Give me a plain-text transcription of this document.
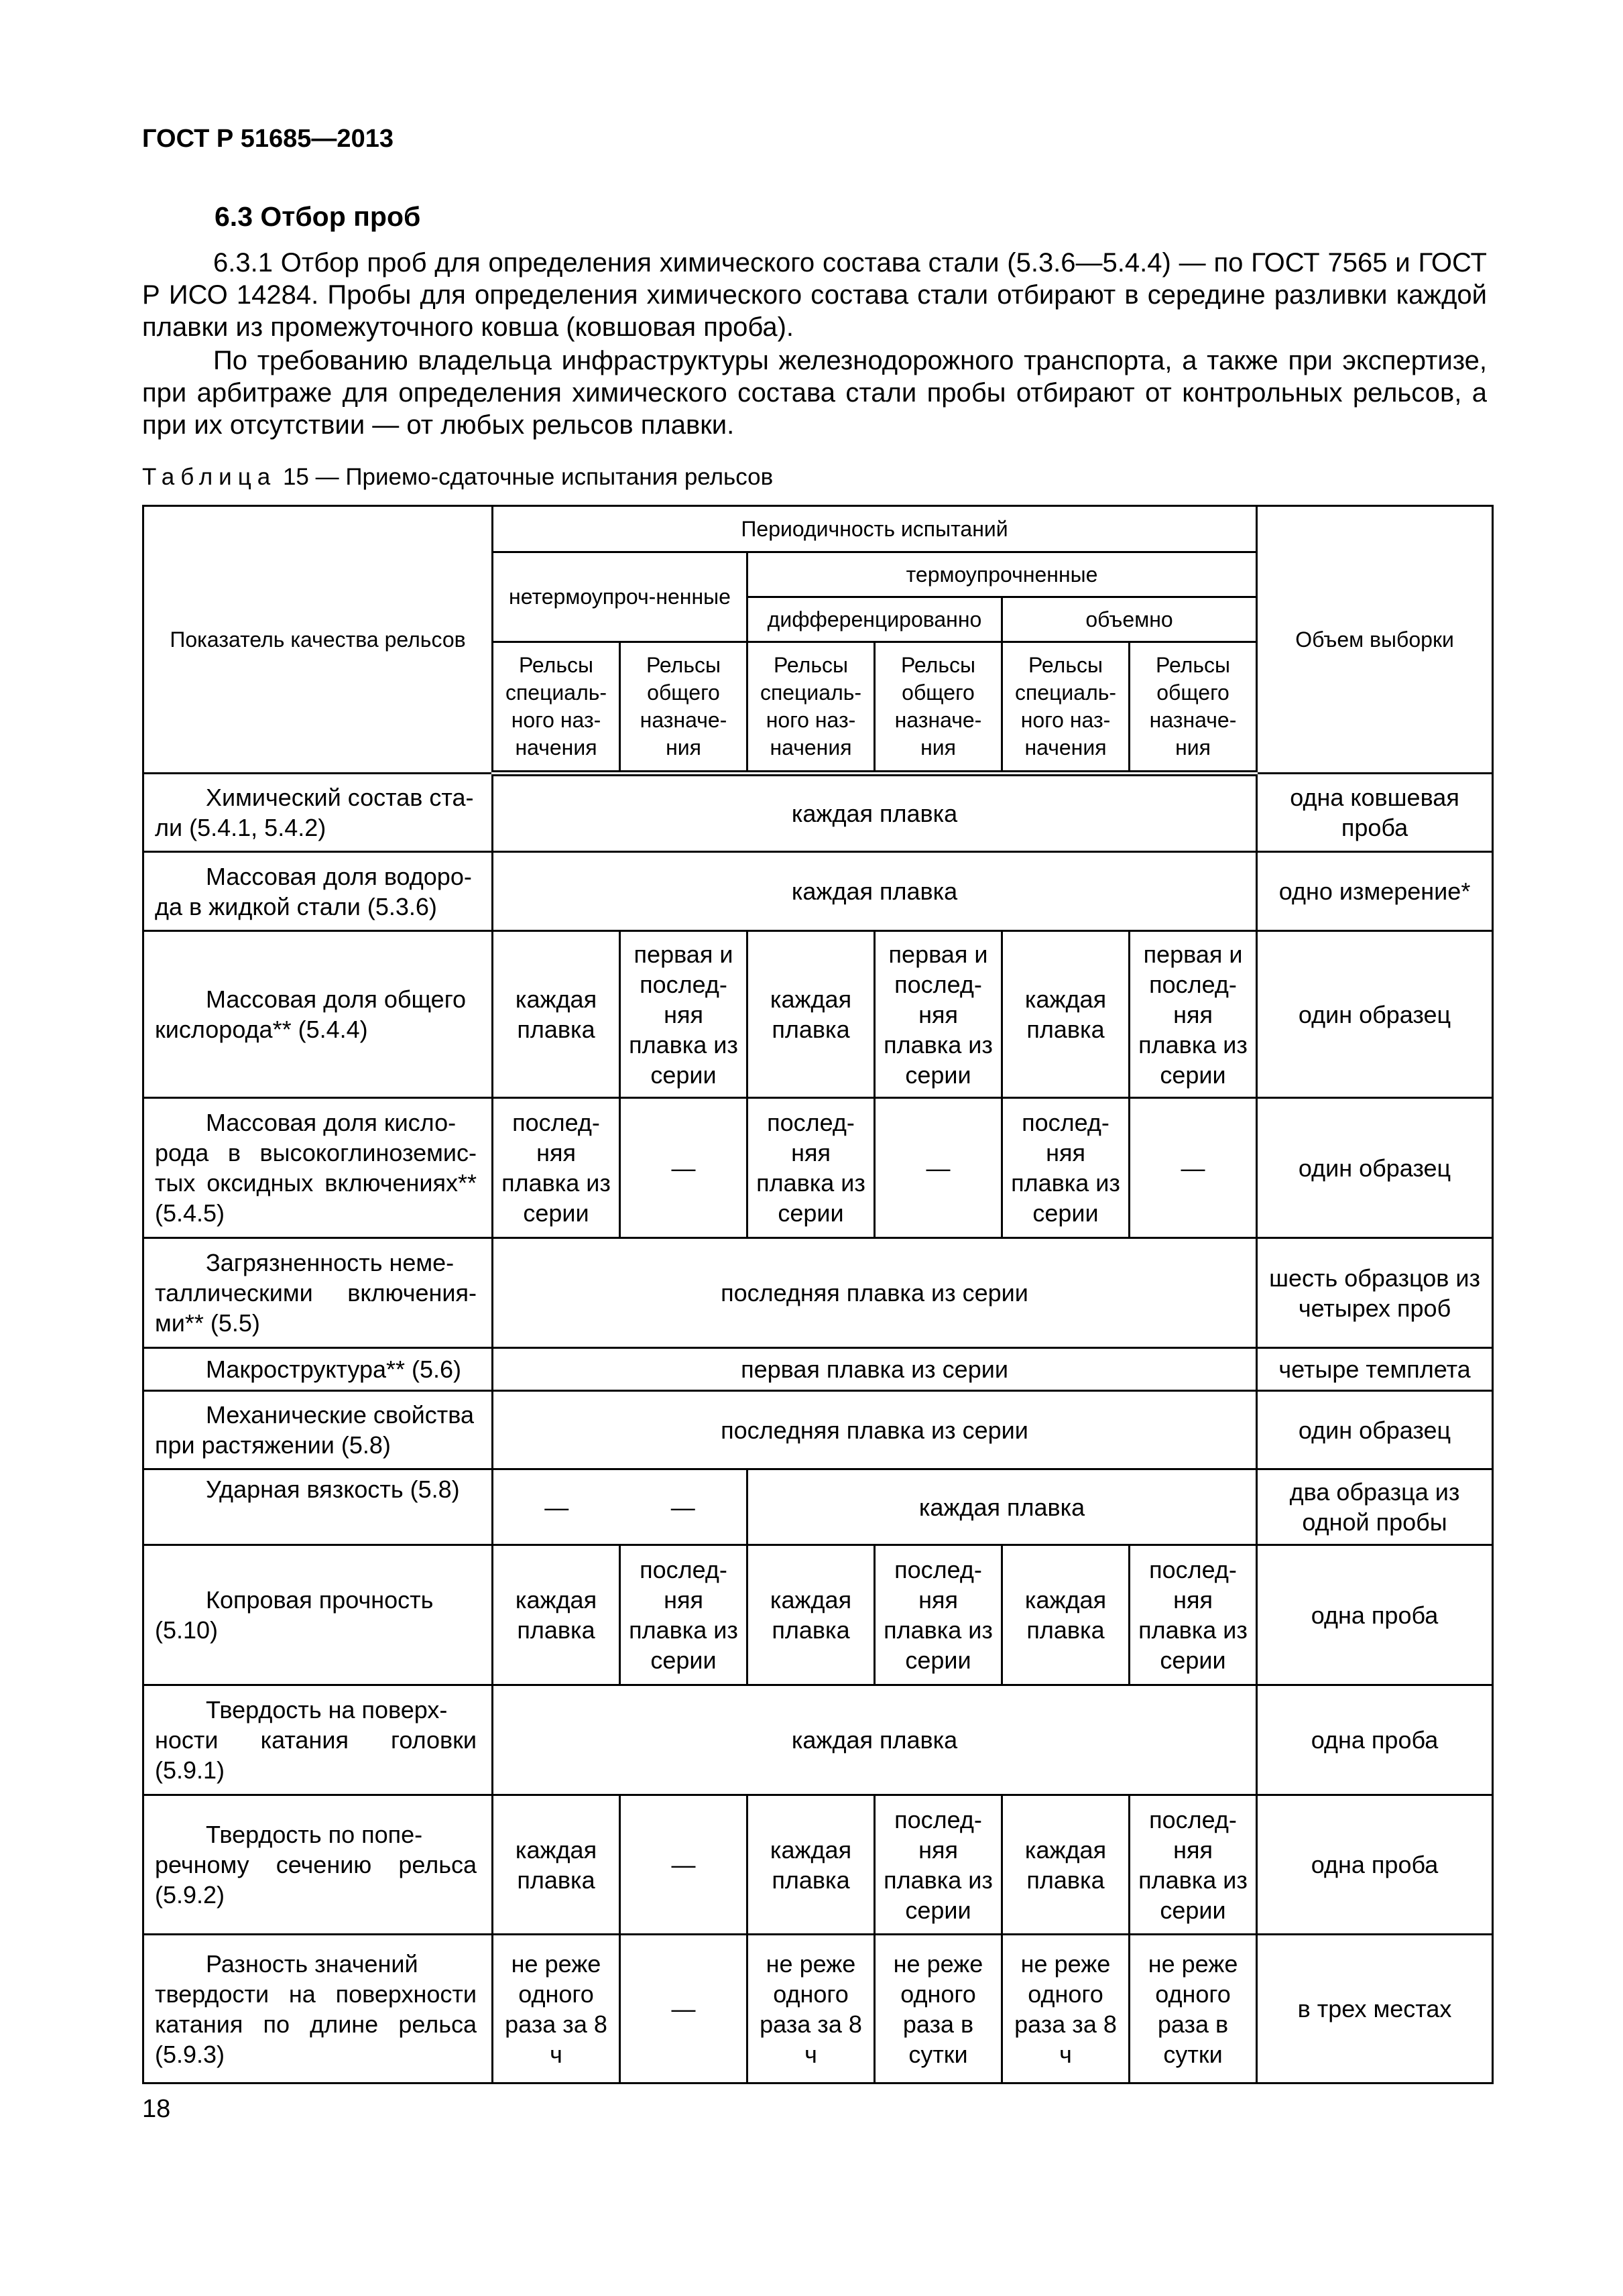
ГОСТ Р 51685—2013
6.3 Отбор проб
6.3.1 Отбор проб для определения химического состава стали (5.3.6—5.4.4) — по ГОСТ 7565 и ГОСТ Р ИСО 14284. Пробы для определения химического состава стали отбирают в середине разливки каждой плавки из промежуточного ковша (ковшовая проба).
По требованию владельца инфраструктуры железнодорожного транспорта, а также при экспертизе, при арбитраже для определения химического состава стали пробы отбирают от контрольных рельсов, а при их отсутствии — от любых рельсов плавки.
Таблица 15 — Приемо-сдаточные испытания рельсов
Показатель качества рельсов	Периодичность испытаний						Объем выборки
	нетермоупроч-ненные		термоупрочненные				
			дифференцированно		объемно		
	Рельсы специаль-ного наз-начения	Рельсы общего назначе-ния	Рельсы специаль-ного наз-начения	Рельсы общего назначе-ния	Рельсы специаль-ного наз-начения	Рельсы общего назначе-ния	

Химический состав ста-
ли (5.4.1, 5.4.2)	каждая плавка						одна ковшевая проба

Массовая доля водоро-
да в жидкой стали (5.3.6)	каждая плавка						одно измерение*

Массовая доля общего
кислорода** (5.4.4)	каждая плавка	первая и послед-няя плавка из серии	каждая плавка	первая и послед-няя плавка из серии	каждая плавка	первая и послед-няя плавка из серии	один образец

Массовая доля кисло-
рода в высокоглиноземис-тых оксидных включениях** (5.4.5)	послед-няя плавка из серии	—	послед-няя плавка из серии	—	послед-няя плавка из серии	—	один образец

Загрязненность неме-
таллическими включения-ми** (5.5)	последняя плавка из серии						шесть образцов из четырех проб

Макроструктура** (5.6)	первая плавка из серии						четыре темплета

Механические свойства
при растяжении (5.8)	последняя плавка из серии						один образец

Ударная вязкость (5.8)	—	—	каждая плавка				два образца из одной пробы

Копровая прочность
(5.10)	каждая плавка	послед-няя плавка из серии	каждая плавка	послед-няя плавка из серии	каждая плавка	послед-няя плавка из серии	одна проба

Твердость на поверх-
ности катания головки (5.9.1)	каждая плавка						одна проба

Твердость по попе-
речному сечению рельса (5.9.2)	каждая плавка	—	каждая плавка	послед-няя плавка из серии	каждая плавка	послед-няя плавка из серии	одна проба

Разность значений
твердости на поверхности катания по длине рельса (5.9.3)	не реже одного раза за 8 ч	—	не реже одного раза за 8 ч	не реже одного раза в сутки	не реже одного раза за 8 ч	не реже одного раза в сутки	в трех местах
18
